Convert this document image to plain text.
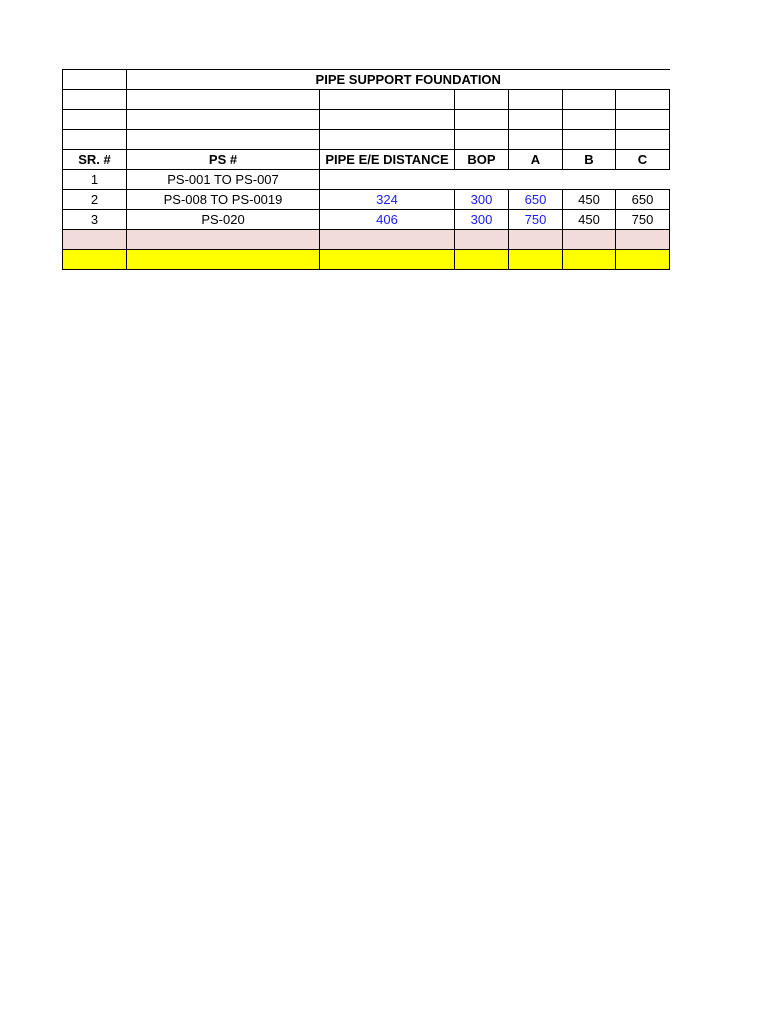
	PIPE SUPPORT FOUNDATION					

SR. #	PS #	PIPE E/E DISTANCE	BOP	A	B	C
1	PS-001 TO PS-007					
2	PS-008 TO PS-0019	324	300	650	450	650
3	PS-020	406	300	750	450	750
